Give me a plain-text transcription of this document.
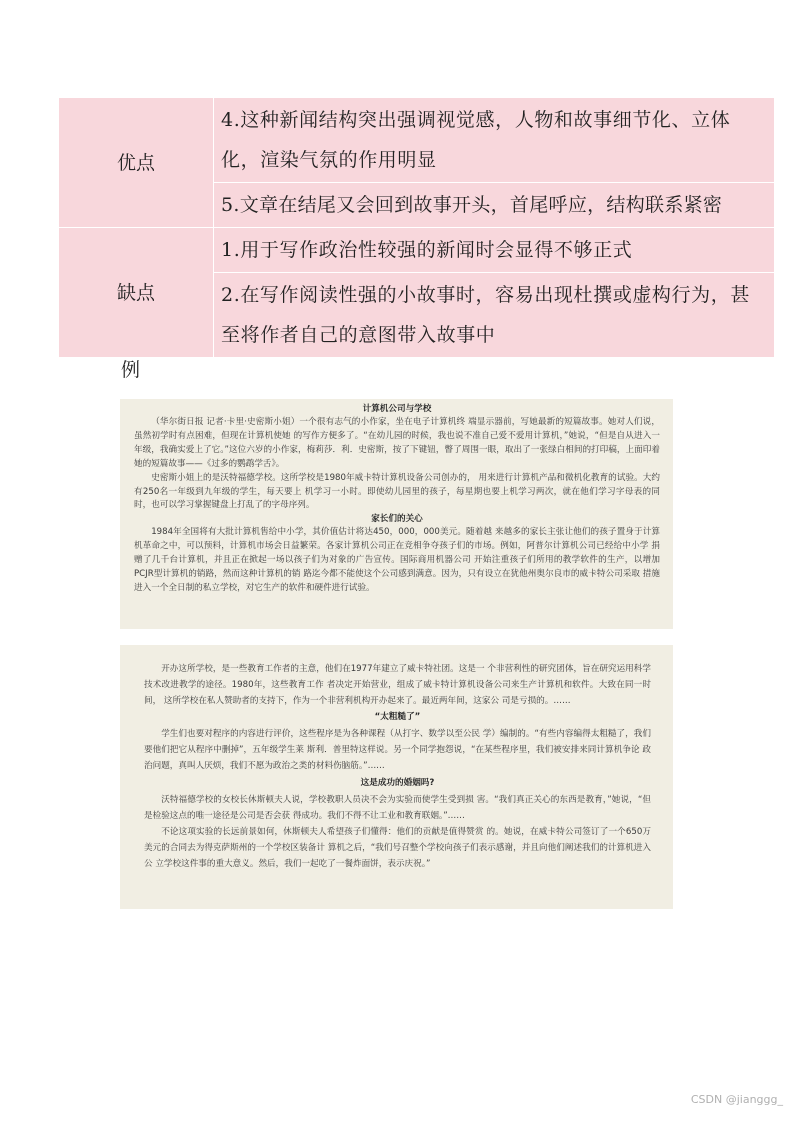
优点	4.这种新闻结构突出强调视觉感，人物和故事细节化、立体化，渲染气氛的作用明显
	5.文章在结尾又会回到故事开头，首尾呼应，结构联系紧密
缺点	1.用于写作政治性较强的新闻时会显得不够正式
	2.在写作阅读性强的小故事时，容易出现杜撰或虚构行为，甚至将作者自己的意图带入故事中
例
计算机公司与学校

（华尔街日报 记者·卡里·史密斯小姐）一个很有志气的小作家，坐在电子计算机终 端显示器前，写她最新的短篇故事。她对人们说，虽然初学时有点困难，但现在计算机使她 的写作方便多了。“在幼儿园的时候，我也说不准自己爱不爱用计算机，”她说，“但是自从进入一年级，我确实爱上了它。”这位六岁的小作家，梅莉莎．利．史密斯，按了下键钮，瞥了周围一眼，取出了一张绿白相间的打印稿，上面印着她的短篇故事——《过多的鹦鹉学舌》。

史密斯小姐上的是沃特福德学校。这所学校是1980年威卡特计算机设备公司创办的， 用来进行计算机产品和微机化教育的试验。大约有250名一年级到九年级的学生，每天要上 机学习一小时。即使幼儿园里的孩子，每星期也要上机学习两次，就在他们学习字母表的同 时，也可以学习掌握键盘上打乱了的字母序列。

家长们的关心

1984年全国将有大批计算机售给中小学，其价值估计将达450，000，000美元。随着越 来越多的家长主张让他们的孩子置身于计算机革命之中，可以预料，计算机市场会日益繁荣。各家计算机公司正在竞相争夺孩子们的市场。例如，阿普尔计算机公司已经给中小学 捐赠了几千台计算机，并且正在掀起一场以孩子们为对象的广告宣传。国际商用机器公司 开始注重孩子们所用的教学软件的生产，以增加PCJR型计算机的销路，然而这种计算机的销 路迄今都不能使这个公司感到满意。因为，只有设立在犹他州奥尔良市的威卡特公司采取 措施进入一个全日制的私立学校，对它生产的软件和硬件进行试验。

开办这所学校，是一些教育工作者的主意，他们在1977年建立了威卡特社团。这是一 个非营利性的研究团体，旨在研究运用科学技术改进教学的途径。1980年，这些教育工作 者决定开始营业，组成了威卡特计算机设备公司来生产计算机和软件。大致在同一时间， 这所学校在私人赞助者的支持下，作为一个非营利机构开办起来了。最近两年间，这家公 司是亏损的。……

“太粗糙了”

学生们也要对程序的内容进行评价，这些程序是为各种课程（从打字、数学以至公民 学）编制的。“有些内容编得太粗糙了，我们要他们把它从程序中删掉”，五年级学生莱 斯利．普里特这样说。另一个同学抱怨说，“在某些程序里，我们被安排来同计算机争论 政治问题，真叫人厌烦，我们不愿为政治之类的材料伤脑筋。”……

这是成功的婚姻吗?

沃特福德学校的女校长休斯顿夫人说，学校教职人员决不会为实验而使学生受到损 害。“我们真正关心的东西是教育，”她说，“但是检验这点的唯一途径是公司是否会获 得成功。我们不得不让工业和教育联姻。”……

不论这项实验的长远前景如何，休斯顿夫人希望孩子们懂得：他们的贡献是值得赞赏 的。她说，在威卡特公司签订了一个650万美元的合同去为得克萨斯州的一个学校区装备计 算机之后，“我们号召整个学校向孩子们表示感谢，并且向他们阐述我们的计算机进入公 立学校这件事的重大意义。然后，我们一起吃了一餐炸面饼，表示庆祝。”

CSDN @jianggg_
